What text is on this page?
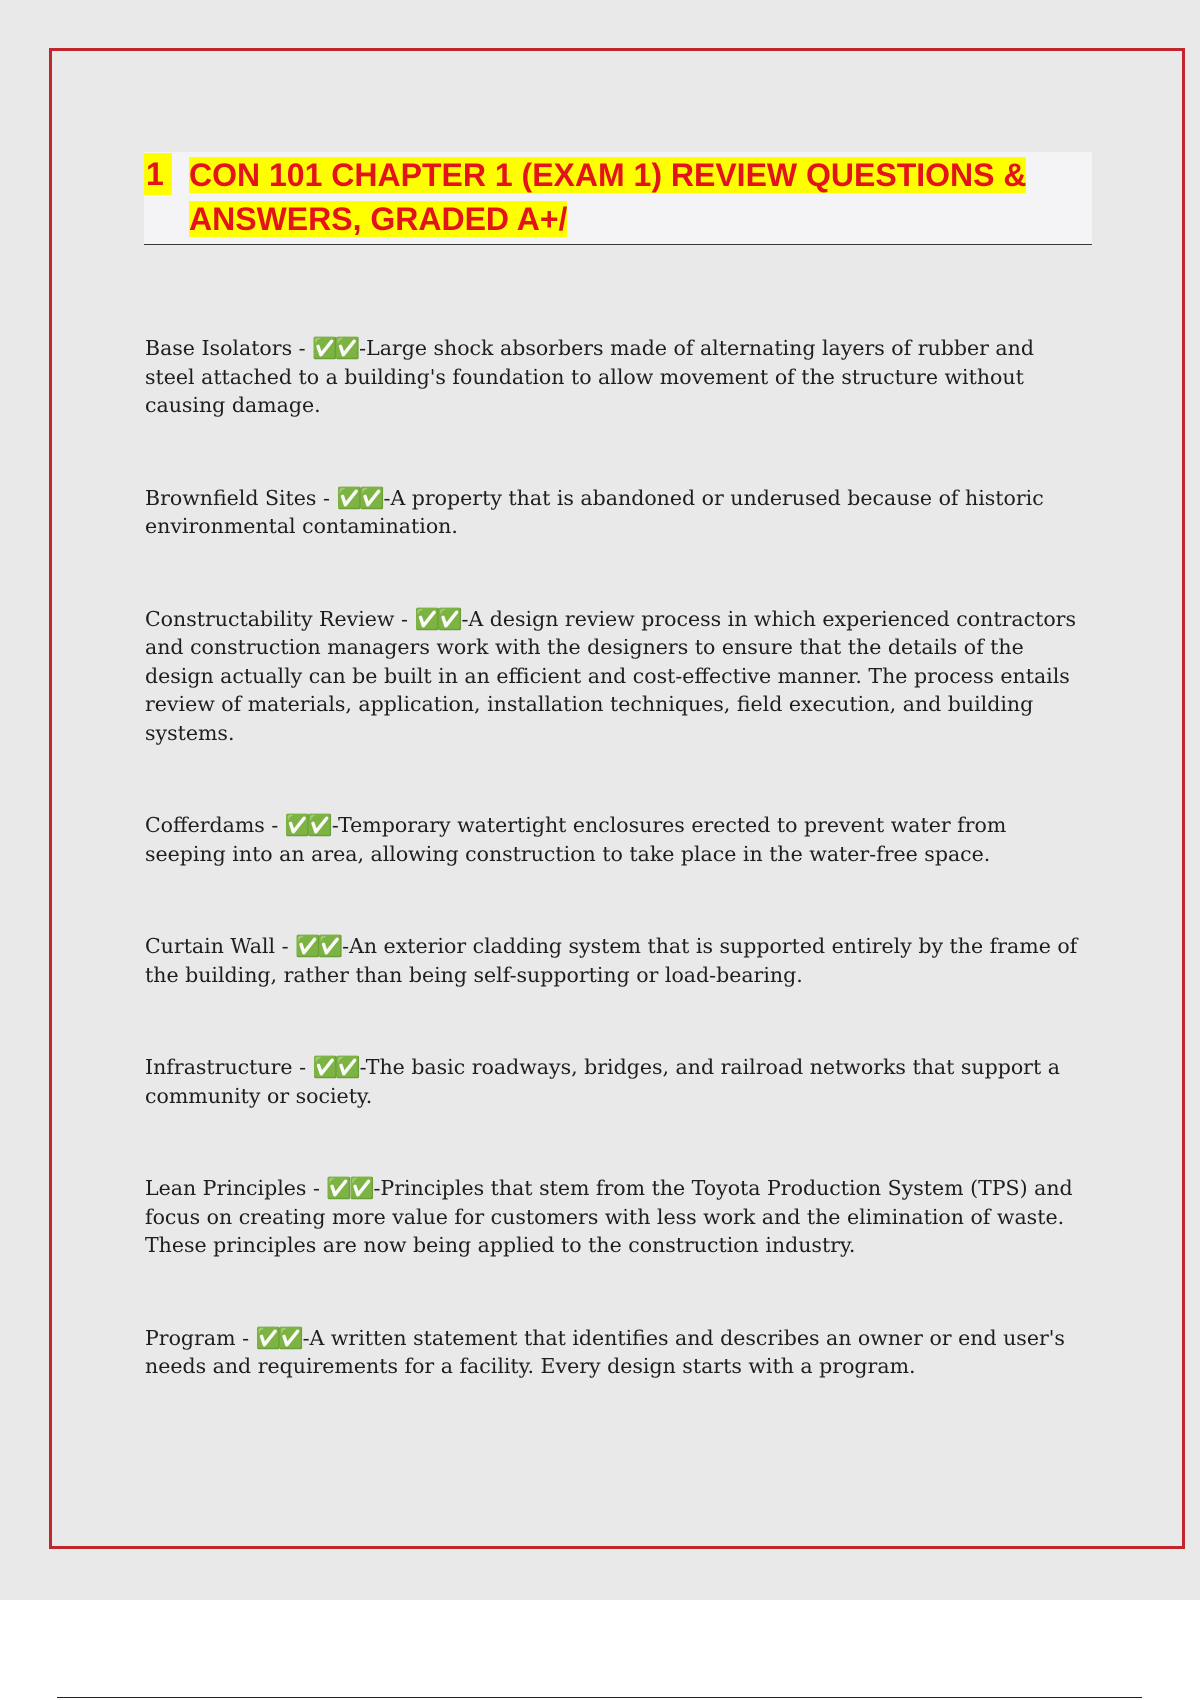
1 CON 101 CHAPTER 1 (EXAM 1) REVIEW QUESTIONS & ANSWERS, GRADED A+/

Base Isolators - ✅✅-Large shock absorbers made of alternating layers of rubber and steel attached to a building's foundation to allow movement of the structure without causing damage.

Brownfield Sites - ✅✅-A property that is abandoned or underused because of historic environmental contamination.

Constructability Review - ✅✅-A design review process in which experienced contractors and construction managers work with the designers to ensure that the details of the design actually can be built in an efficient and cost-effective manner. The process entails review of materials, application, installation techniques, field execution, and building systems.

Cofferdams - ✅✅-Temporary watertight enclosures erected to prevent water from seeping into an area, allowing construction to take place in the water-free space.

Curtain Wall - ✅✅-An exterior cladding system that is supported entirely by the frame of the building, rather than being self-supporting or load-bearing.

Infrastructure - ✅✅-The basic roadways, bridges, and railroad networks that support a community or society.

Lean Principles - ✅✅-Principles that stem from the Toyota Production System (TPS) and focus on creating more value for customers with less work and the elimination of waste. These principles are now being applied to the construction industry.

Program - ✅✅-A written statement that identifies and describes an owner or end user's needs and requirements for a facility. Every design starts with a program.
